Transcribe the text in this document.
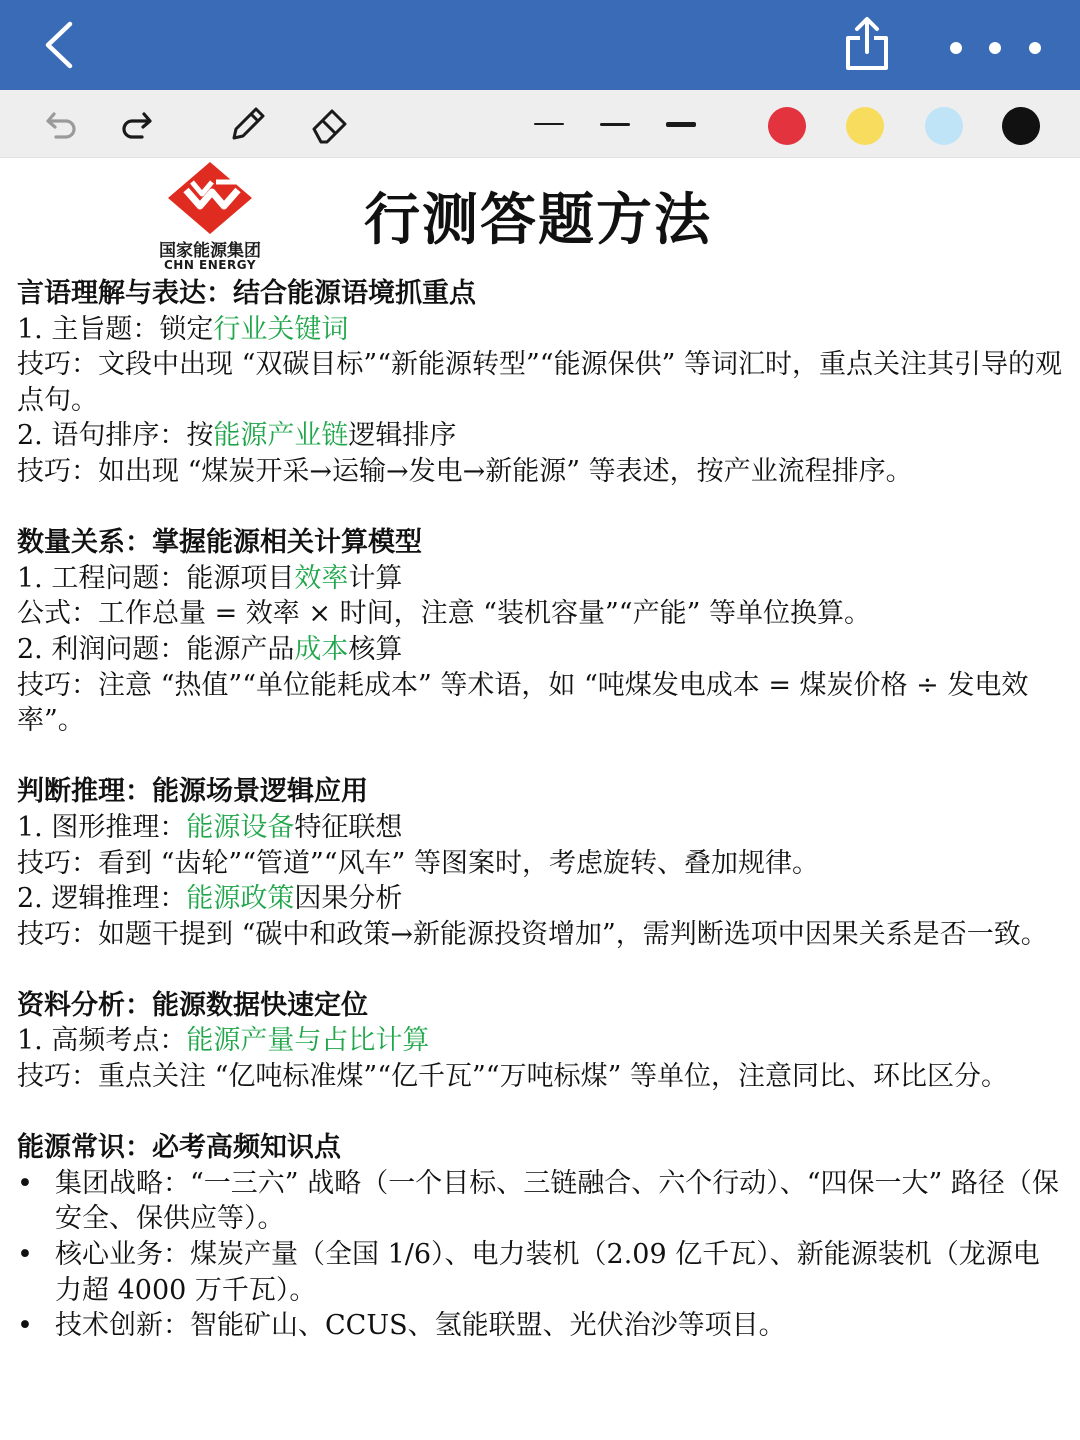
国家能源集团
CHN ENERGY
行测答题方法

言语理解与表达：结合能源语境抓重点

1. 主旨题：锁定行业关键词

技巧：文段中出现 “双碳目标”“新能源转型”“能源保供” 等词汇时，重点关注其引导的观点句。

2. 语句排序：按能源产业链逻辑排序

技巧：如出现 “煤炭开采→运输→发电→新能源” 等表述，按产业流程排序。

数量关系：掌握能源相关计算模型

1. 工程问题：能源项目效率计算

公式：工作总量 = 效率 × 时间，注意 “装机容量”“产能” 等单位换算。

2. 利润问题：能源产品成本核算

技巧：注意 “热值”“单位能耗成本” 等术语，如 “吨煤发电成本 = 煤炭价格 ÷ 发电效率”。

判断推理：能源场景逻辑应用

1. 图形推理：能源设备特征联想

技巧：看到 “齿轮”“管道”“风车” 等图案时，考虑旋转、叠加规律。

2. 逻辑推理：能源政策因果分析

技巧：如题干提到 “碳中和政策→新能源投资增加”，需判断选项中因果关系是否一致。

资料分析：能源数据快速定位

1. 高频考点：能源产量与占比计算

技巧：重点关注 “亿吨标准煤”“亿千瓦”“万吨标煤” 等单位，注意同比、环比区分。

能源常识：必考高频知识点

• 集团战略：“一三六” 战略（一个目标、三链融合、六个行动）、“四保一大” 路径（保安全、保供应等）。

• 核心业务：煤炭产量（全国 1/6）、电力装机（2.09 亿千瓦）、新能源装机（龙源电力超 4000 万千瓦）。

• 技术创新：智能矿山、CCUS、氢能联盟、光伏治沙等项目。
